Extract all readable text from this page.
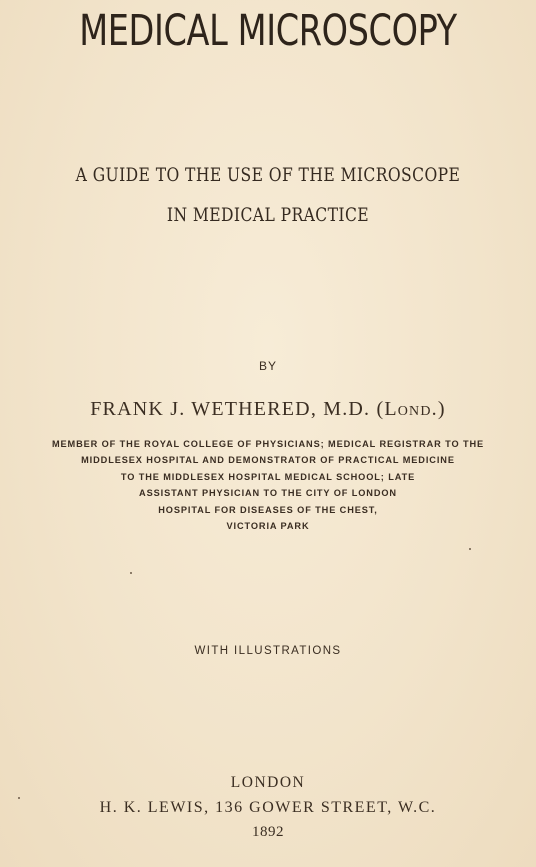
MEDICAL MICROSCOPY
A GUIDE TO THE USE OF THE MICROSCOPE
IN MEDICAL PRACTICE
BY
FRANK J. WETHERED, M.D. (Lond.)
MEMBER OF THE ROYAL COLLEGE OF PHYSICIANS; MEDICAL REGISTRAR TO THE
MIDDLESEX HOSPITAL AND DEMONSTRATOR OF PRACTICAL MEDICINE
TO THE MIDDLESEX HOSPITAL MEDICAL SCHOOL; LATE
ASSISTANT PHYSICIAN TO THE CITY OF LONDON
HOSPITAL FOR DISEASES OF THE CHEST,
VICTORIA PARK
WITH ILLUSTRATIONS
LONDON
H. K. LEWIS, 136 GOWER STREET, W.C.
1892
